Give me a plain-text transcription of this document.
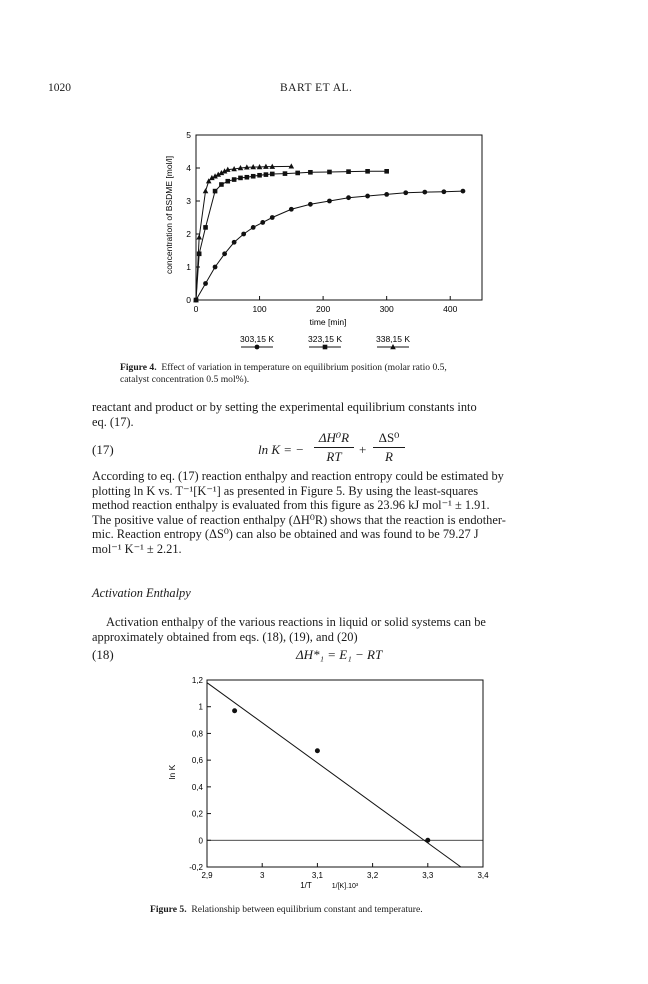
1020	BART ET AL.
0	100	200	300	400
0
1
2
3
4
5
concentration of BSDME [mol/l]
time [min]
303,15 K	323,15 K	338,15 K
Figure 4. Effect of variation in temperature on equilibrium position (molar ratio 0.5,
catalyst concentration 0.5 mol%).
reactant and product or by setting the experimental equilibrium constants into
eq. (17).
(17)	ln K = −
ΔH⁰R
RT	+
ΔS⁰
R
According to eq. (17) reaction enthalpy and reaction entropy could be estimated by
plotting ln K vs. T⁻¹[K⁻¹] as presented in Figure 5. By using the least-squares
method reaction enthalpy is evaluated from this figure as 23.96 kJ mol⁻¹ ± 1.91.
The positive value of reaction enthalpy (ΔH⁰R) shows that the reaction is endother-
mic. Reaction entropy (ΔS⁰) can also be obtained and was found to be 79.27 J
mol⁻¹ K⁻¹ ± 2.21.
Activation Enthalpy
Activation enthalpy of the various reactions in liquid or solid systems can be
approximately obtained from eqs. (18), (19), and (20)
(18)	ΔH*₁ = E₁ − RT
2,9	3	3,1	3,2	3,3	3,4
-0,2
0
0,2
0,4
0,6
0,8
1
1,2
ln K
1/T	1/[K].10³
Figure 5. Relationship between equilibrium constant and temperature.
